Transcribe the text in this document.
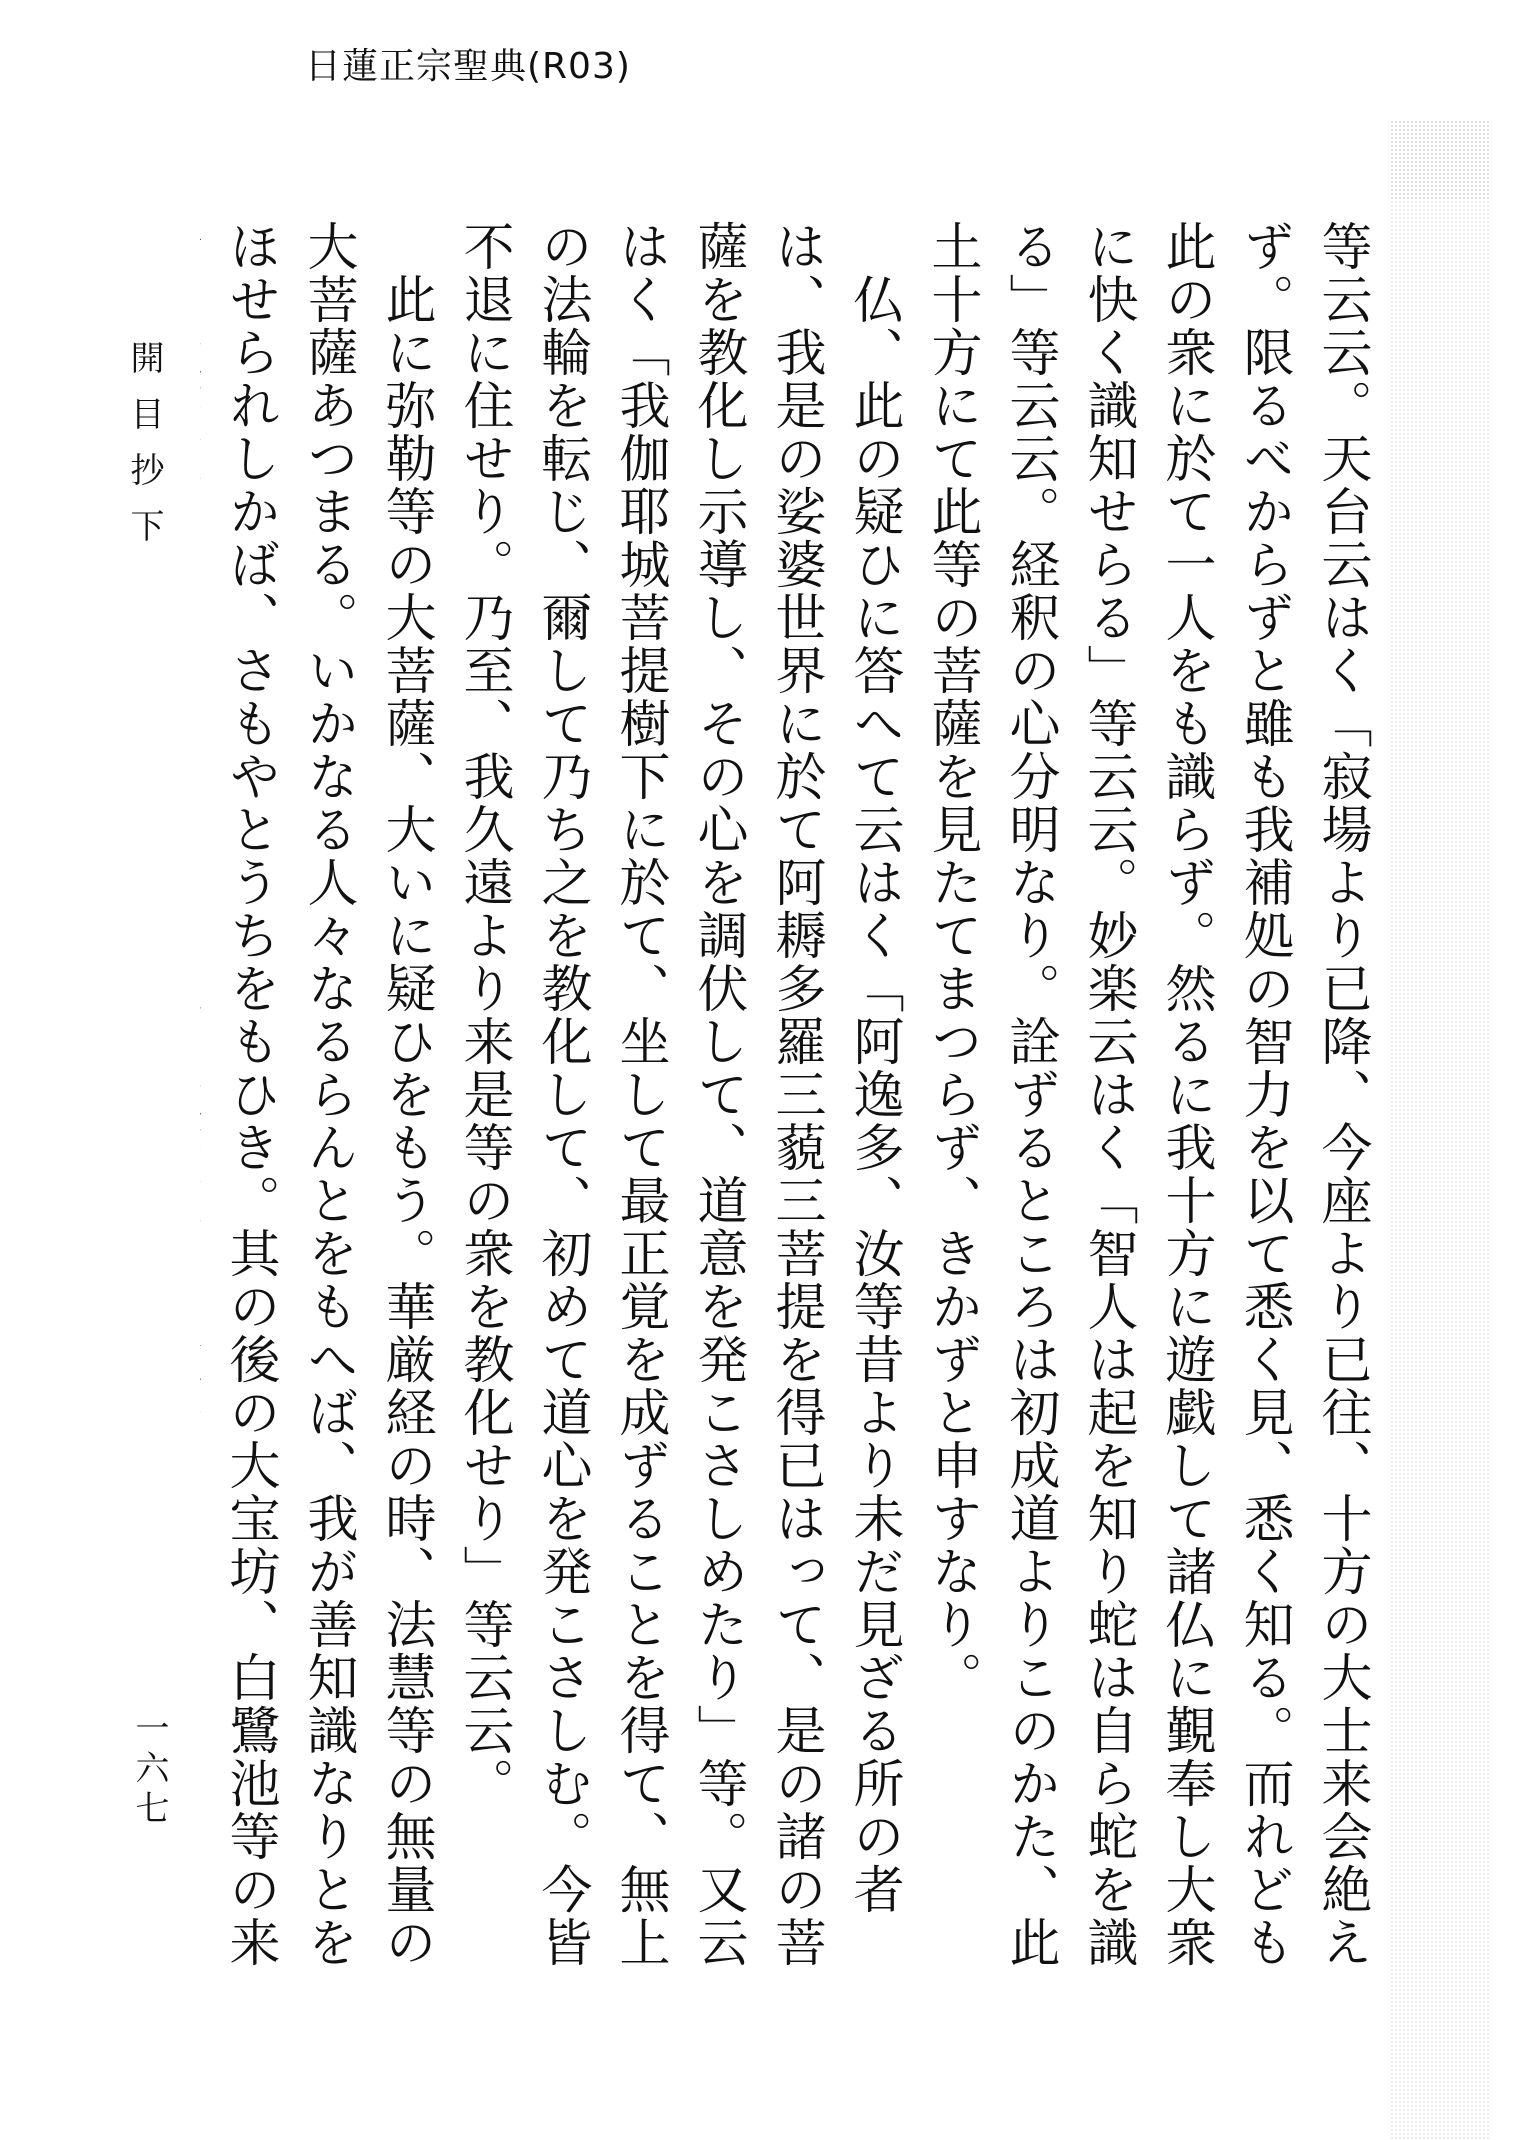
日蓮正宗聖典(R03)
等云云。天台云はく「寂場より已降、今座より已往、十方の大士来会絶えず。限るべからずと雖も我補処の智力を以て悉く見、悉く知る。而れども此の衆に於て一人をも識らず。然るに我十方に遊戯して諸仏に覲奉し大衆に快く識知せらる」等云云。妙楽云はく「智人は起を知り蛇は自ら蛇を識る」等云云。経釈の心分明なり。詮ずるところは初成道よりこのかた、此土十方にて此等の菩薩を見たてまつらず、きかずと申すなり。
　仏、此の疑ひに答へて云はく「阿逸多、汝等昔より未だ見ざる所の者は、我是の娑婆世界に於て阿耨多羅三藐三菩提を得已はって、是の諸の菩薩を教化し示導し、その心を調伏して、道意を発こさしめたり」等。又云はく「我伽耶城菩提樹下に於て、坐して最正覚を成ずることを得て、無上の法輪を転じ、爾して乃ち之を教化して、初めて道心を発こさしむ。今皆不退に住せり。乃至、我久遠より来是等の衆を教化せり」等云云。
　此に弥勒等の大菩薩、大いに疑ひをもう。華厳経の時、法慧等の無量の大菩薩あつまる。いかなる人々なるらんとをもへば、我が善知識なりとをほせられしかば、さもやとうちをもひき。其の後の大宝坊、白鷺池等の来
開目抄下
一六七
